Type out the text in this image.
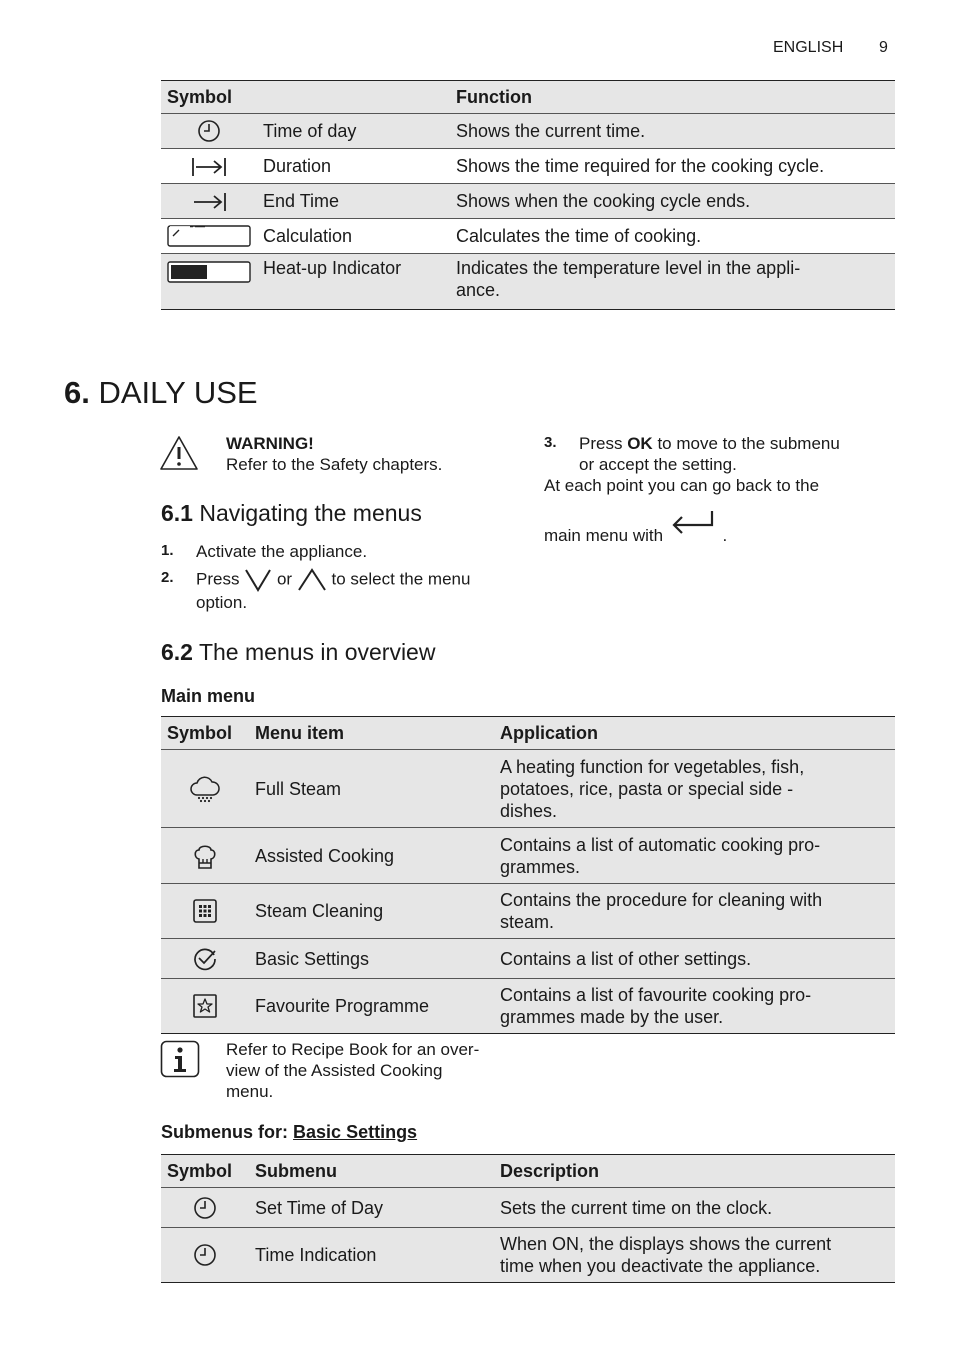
ENGLISH 9
Symbol		Function
	Time of day	Shows the current time.
	Duration	Shows the time required for the cooking cycle.
	End Time	Shows when the cooking cycle ends.
	Calculation	Calculates the time of cooking.
	Heat-up Indicator	Indicates the temperature level in the appli-
ance.
6. DAILY USE
WARNING!
Refer to the Safety chapters.
6.1 Navigating the menus
1. Activate the appliance.
2. Press or to select the menu
option.
3. Press OK to move to the submenu
or accept the setting.
At each point you can go back to the
main menu with	.
6.2 The menus in overview
Main menu
Symbol	Menu item	Application
	Full Steam	A heating function for vegetables, fish,
potatoes, rice, pasta or special side -
dishes.

	Assisted Cooking	Contains a list of automatic cooking pro-
grammes.

	Steam Cleaning	Contains the procedure for cleaning with
steam.

	Basic Settings	Contains a list of other settings.
	Favourite Programme	Contains a list of favourite cooking pro-
grammes made by the user.
Refer to Recipe Book for an over-
view of the Assisted Cooking
menu.
Submenus for: Basic Settings
Symbol	Submenu	Description
	Set Time of Day	Sets the current time on the clock.
	Time Indication	When ON, the displays shows the current
time when you deactivate the appliance.
